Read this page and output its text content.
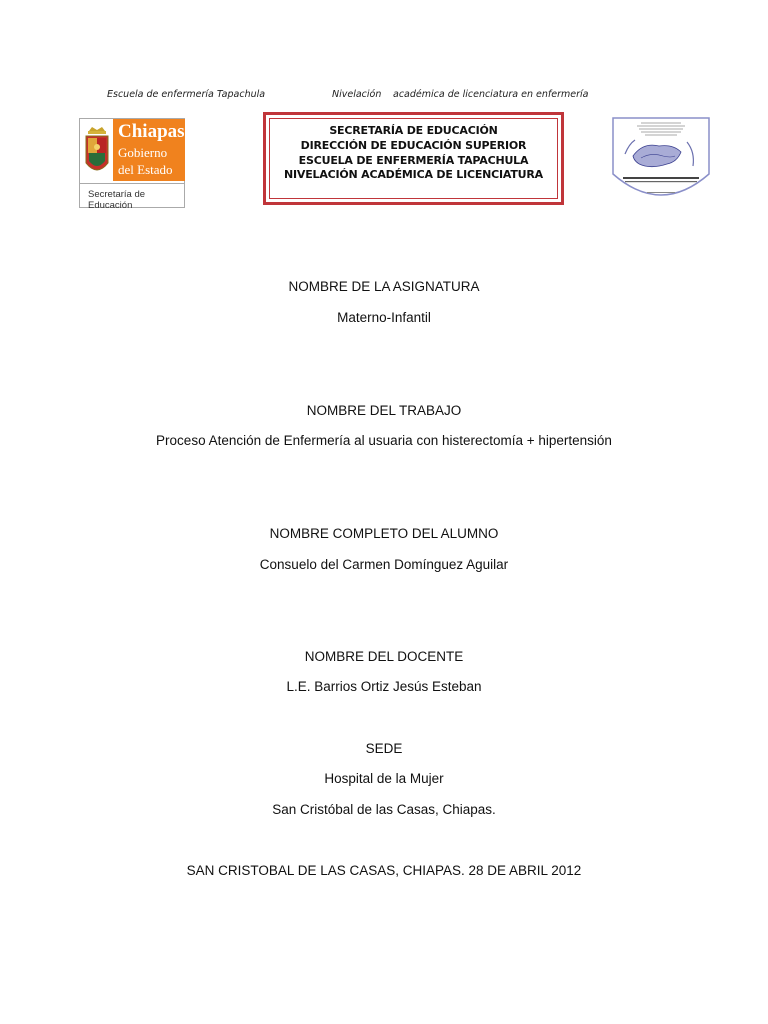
Escuela de enfermería Tapachula	Nivelación académica de licenciatura en enfermería
Chiapas
Gobierno
del Estado
Secretaría de Educación
SECRETARÍA DE EDUCACIÓN
DIRECCIÓN DE EDUCACIÓN SUPERIOR
ESCUELA DE ENFERMERÍA TAPACHULA
NIVELACIÓN ACADÉMICA DE LICENCIATURA
NOMBRE DE LA ASIGNATURA
Materno-Infantil
NOMBRE DEL TRABAJO
Proceso Atención de Enfermería al usuaria con histerectomía + hipertensión
NOMBRE COMPLETO DEL ALUMNO
Consuelo del Carmen Domínguez Aguilar
NOMBRE DEL DOCENTE
L.E. Barrios Ortiz Jesús Esteban
SEDE
Hospital de la Mujer
San Cristóbal de las Casas, Chiapas.
SAN CRISTOBAL DE LAS CASAS, CHIAPAS. 28 DE ABRIL 2012
